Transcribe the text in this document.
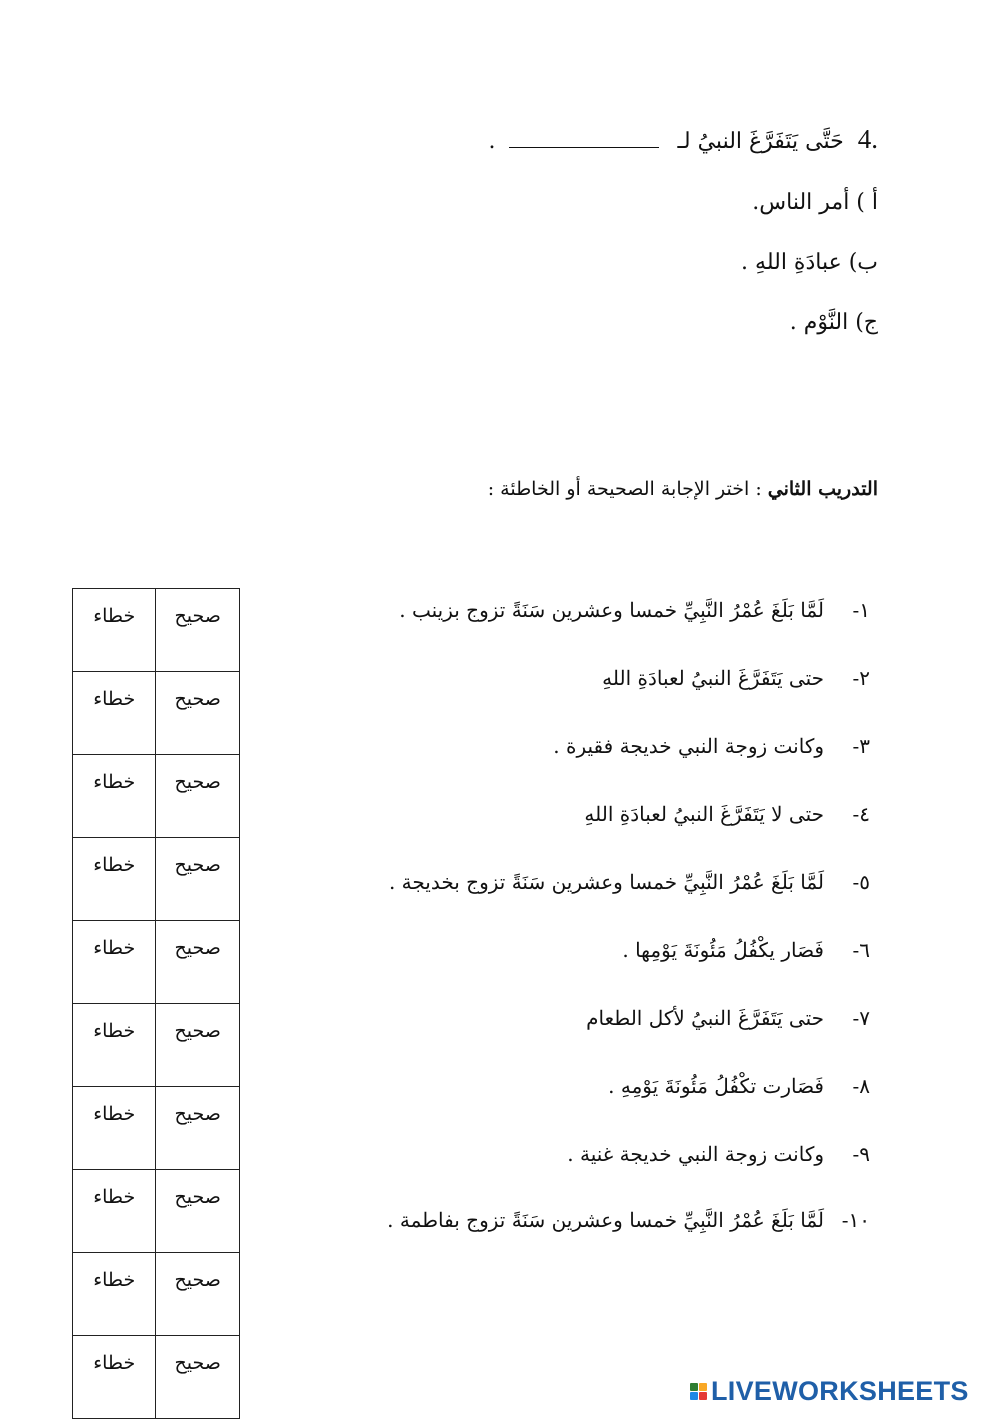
4.
حَتَّى يَتَفَرَّغَ النبيُ لـ
.
أ ) أمر الناس.
ب) عبادَةِ اللهِ .
ج) النَّوْم .
التدريب الثاني : اختر الإجابة الصحيحة أو الخاطئة :
١-
لَمَّا بَلَغَ عُمْرُ النَّبِيِّ خمسا وعشرين سَنَةً تزوج بزينب .
٢-
حتى يَتَفَرَّغَ النبيُ لعبادَةِ اللهِ
٣-
وكانت زوجة النبي خديجة فقيرة .
٤-
حتى لا يَتَفَرَّغَ النبيُ لعبادَةِ اللهِ
٥-
لَمَّا بَلَغَ عُمْرُ النَّبِيِّ خمسا وعشرين سَنَةً تزوج بخديجة .
٦-
فَصَار يكْفُلُ مَئُونَةَ يَوْمِها .
٧-
حتى يَتَفَرَّغَ النبيُ لأكل الطعام
٨-
فَصَارت تكْفُلُ مَئُونَةَ يَوْمِهِ .
٩-
وكانت زوجة النبي خديجة غنية .
١٠-
لَمَّا بَلَغَ عُمْرُ النَّبِيِّ خمسا وعشرين سَنَةً تزوج بفاطمة .
خطاء	صحيح
خطاء	صحيح
خطاء	صحيح
خطاء	صحيح
خطاء	صحيح
خطاء	صحيح
خطاء	صحيح
خطاء	صحيح
خطاء	صحيح
خطاء	صحيح
LIVEWORKSHEETS
